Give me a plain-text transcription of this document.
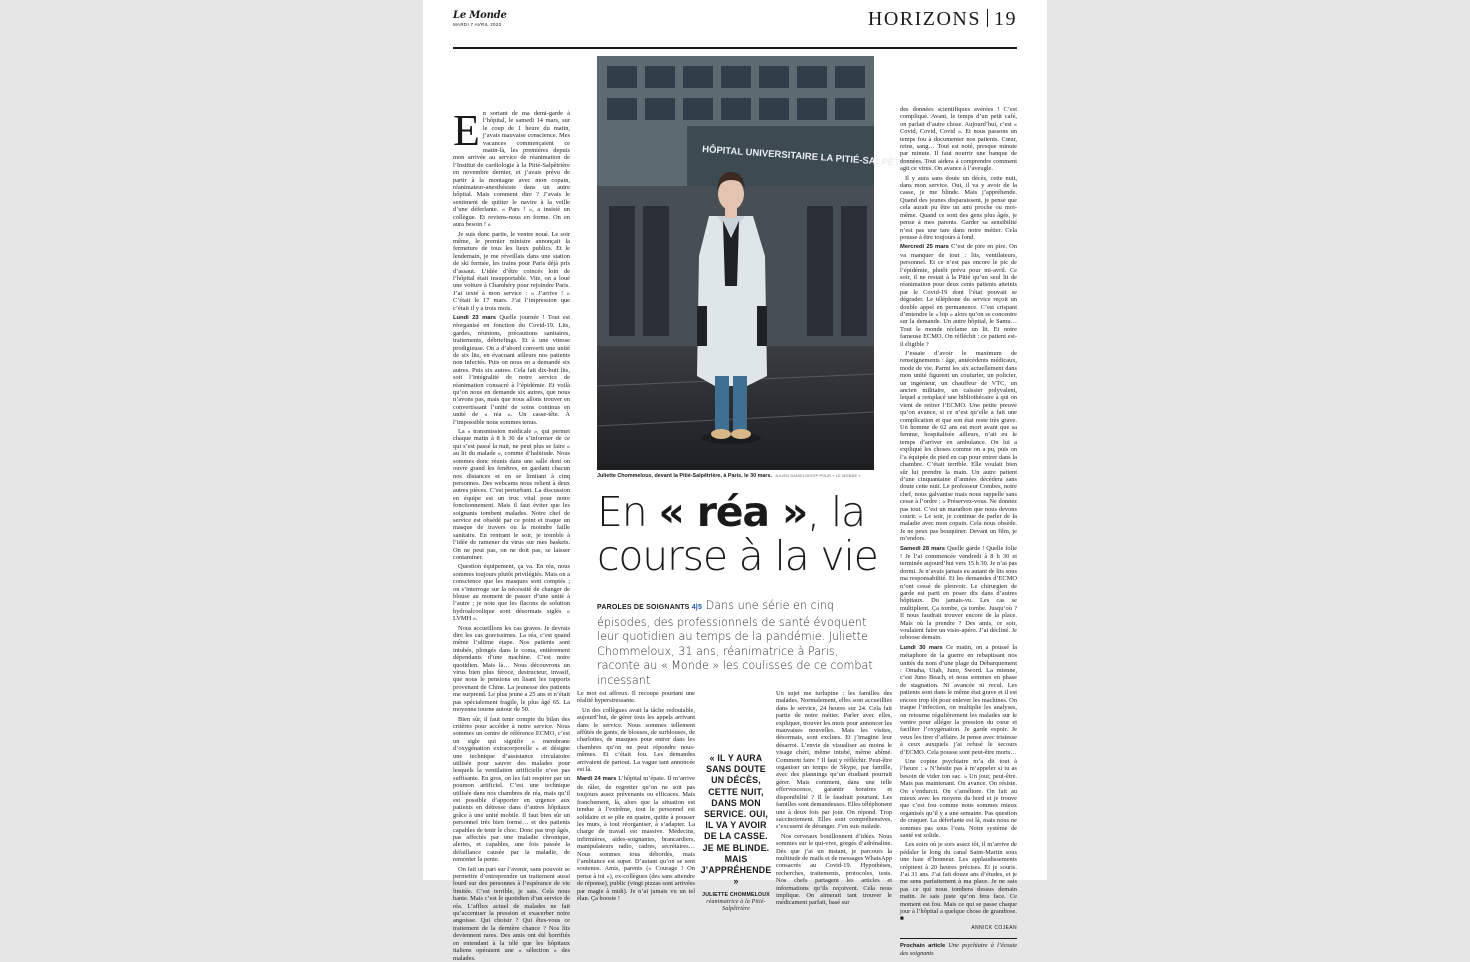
Le Monde
MARDI 7 AVRIL 2020	HORIZONS 19
E n sortant de ma demi-garde à l’hôpital, le samedi 14 mars, sur le coup de 1 heure du matin, j’avais mauvaise conscience. Mes vacances commençaient ce matin-là, les premières depuis mon arrivée au service de réanimation de l’Institut de cardiologie à la Pitié-Salpêtrière en novembre dernier, et j’avais prévu de partir à la montagne avec mon copain, réanimateur-anesthésiste dans un autre hôpital. Mais comment dire ? J’avais le sentiment de quitter le navire à la veille d’une déferlante. « Pars ! », a insisté un collègue. Et reviens-nous en forme. On en aura besoin ! »

Je suis donc partie, le ventre noué. Le soir même, le premier ministre annonçait la fermeture de tous les lieux publics. Et le lendemain, je me réveillais dans une station de ski fermée, les trains pour Paris déjà pris d’assaut. L’idée d’être coincés loin de l’hôpital était insupportable. Vite, on a loué une voiture à Chambéry pour rejoindre Paris. J’ai texté à mon service : « J’arrive ! » C’était le 17 mars. J’ai l’impression que c’était il y a trois mois.

Lundi 23 mars Quelle journée ! Tout est réorganisé en fonction du Covid-19. Lits, gardes, réunions, précautions sanitaires, traitements, débriefings. Et à une vitesse prodigieuse. On a d’abord converti une unité de six lits, en évacuant ailleurs nos patients non infectés. Puis on nous en a demandé six autres. Puis six autres. Cela fait dix-huit lits, soit l’intégralité de notre service de réanimation consacré à l’épidémie. Et voilà qu’on nous en demande six autres, que nous n’avons pas, mais que nous allons trouver en convertissant l’unité de soins continus en unité de « réa ». Un casse-tête. À l’impossible nous sommes tenus.

La « transmission médicale », qui permet chaque matin à 8 h 30 de s’informer de ce qui s’est passé la nuit, ne peut plus se faire « au lit du malade », comme d’habitude. Nous sommes donc réunis dans une salle dont on ouvre grand les fenêtres, en gardant chacun nos distances et en se limitant à cinq personnes. Des webcams nous relient à deux autres pièces. C’est perturbant. La discussion en équipe est un truc vital pour notre fonctionnement. Mais il faut éviter que les soignants tombent malades. Notre chef de service est obsédé par ce point et traque un masque de travers ou la moindre faille sanitaire. En rentrant le soir, je tremble à l’idée de ramener du virus sur mes baskets. On ne peut pas, on ne doit pas, se laisser contaminer.

Question équipement, ça va. En réa, nous sommes toujours plutôt privilégiés. Mais on a conscience que les masques sont comptés ; on s’interroge sur la nécessité de changer de blouse au moment de passer d’une unité à l’autre ; je note que les flacons de solution hydroalcoolique sont désormais siglés « LVMH ».

Nous accueillons les cas graves. Je devrais dire les cas gravissimes. La réa, c’est quand même l’ultime étape. Nos patients sont intubés, plongés dans le coma, entièrement dépendants d’une machine. C’est notre quotidien. Mais là… Nous découvrons un virus bien plus féroce, destructeur, invasif, que nous le pensions en lisant les rapports provenant de Chine. La jeunesse des patients me surprend. Le plus jeune a 25 ans et n’était pas spécialement fragile, le plus âgé 65. La moyenne tourne autour de 50.

Bien sûr, il faut tenir compte du bilan des critères pour accéder à notre service. Nous sommes un centre de référence ECMO, c’est un sigle qui signifie « membrane d’oxygénation extracorporelle » et désigne une technique d’assistance circulatoire utilisée pour sauver des malades pour lesquels la ventilation artificielle n’est pas suffisante. En gros, on les fait respirer par un poumon artificiel. C’est une technique utilisée dans nos chambres de réa, mais qu’il est possible d’apporter en urgence aux patients en détresse dans d’autres hôpitaux grâce à une unité mobile. Il faut bien sûr un personnel très bien formé… et des patients capables de tenir le choc. Donc pas trop âgés, pas affectés par une maladie chronique, alertes, et capables, une fois passée la défaillance causée par la maladie, de remonter la pente.

On fait un pari sur l’avenir, sans pouvoir se permettre d’entreprendre un traitement aussi lourd sur des personnes à l’espérance de vie limitée. C’est terrible, je sais. Cela nous hante. Mais c’est le quotidien d’un service de réa. L’afflux actuel de malades ne fait qu’accentuer la pression et exacerber notre angoisse. Qui choisir ? Qui êtes-vous ce traitement de la dernière chance ? Nos lits deviennent rares. Des amis ont été horrifiés en entendant à la télé que les hôpitaux italiens opéraient une « sélection » des malades.

HÔPITAL UNIVERSITAIRE LA PITIÉ-SALPÊTRIÈRE
Juliette Chommeloux, devant la Pitié-Salpêtrière, à Paris, le 30 mars. JULIEN DANIEL/MYOP POUR « LE MONDE »
En « réa », la course à la vie
PAROLES DE SOIGNANTS 4|5 Dans une série en cinq épisodes, des professionnels de santé évoquent leur quotidien au temps de la pandémie. Juliette Chommeloux, 31 ans, réanimatrice à Paris, raconte au « Monde » les coulisses de ce combat incessant

Le mot est affreux. Il recoupe pourtant une réalité hyperstressante.

Un des collègues avait la tâche redoutable, aujourd’hui, de gérer tous les appels arrivant dans le service. Nous sommes tellement affûtés de gants, de blouses, de surblouses, de charlottes, de masques pour entrer dans les chambres qu’on ne peut répondre nous-mêmes. Et c’était fou. Les demandes arrivaient de partout. La vague tant annoncée est là.

Mardi 24 mars L’hôpital m’épate. Il m’arrive de râler, de regretter qu’on ne soit pas toujours assez prévenants ou efficaces. Mais franchement, là, alors que la situation est tendue à l’extrême, tout le personnel est solidaire et se plie en quatre, quitte à pousser les murs, à tout réorganiser, à s’adapter. La charge de travail est massive. Médecins, infirmières, aides-soignantes, brancardiers, manipulateurs radio, cadres, secrétaires… Nous sommes tous débordés, mais l’ambiance est super. D’autant qu’on se sent soutenus. Amis, parents (« Courage ! On pense à toi »), ex-collègues (des sans attendre de réponse), public (vingt pizzas sont arrivées par magie à midi). Je n’ai jamais vu un tel élan. Ça booste !

« IL Y AURA SANS DOUTE UN DÉCÈS, CETTE NUIT, DANS MON SERVICE. OUI, IL VA Y AVOIR DE LA CASSE. JE ME BLINDE. MAIS J’APPRÉHENDE »
JULIETTE CHOMMELOUX
réanimatrice à la Pitié-Salpêtrière

Un sujet me turlupine : les familles des malades. Normalement, elles sont accueillies dans le service, 24 heures sur 24. Cela fait partie de notre métier. Parler avec elles, expliquer, trouver les mots pour annoncer les mauvaises nouvelles. Mais les visites, désormais, sont exclues. Et j’imagine leur désarroi. L’envie de visualiser au moins le visage chéri, même intubé, même abîmé. Comment faire ? Il faut y réfléchir. Peut-être organiser un temps de Skype, par famille, avec des plannings qu’un étudiant pourrait gérer. Mais comment, dans une telle effervescence, garantir horaires et disponibilité ? Il le faudrait pourtant. Les familles sont demandeuses. Elles téléphonent une à deux fois par jour. On répond. Trop succinctement. Elles sont compréhensives, s’excusent de déranger. J’en suis malade.

Nos cerveaux bouillonnent d’idées. Nous sommes sur le qui-vive, gorgés d’adrénaline. Dès que j’ai un instant, je parcours la multitude de mails et de messages WhatsApp consacrés au Covid-19. Hypothèses, recherches, traitements, protocoles, tests. Nos chefs partagent les articles et informations qu’ils reçoivent. Cela nous implique. On aimerait tant trouver le médicament parfait, basé sur

des données scientifiques avérées ! C’est compliqué. Avant, le temps d’un petit café, on parlait d’autre chose. Aujourd’hui, c’est « Covid, Covid, Covid ». Et nous passons un temps fou à documenter nos patients. Cœur, reins, sang… Tout est noté, presque minute par minute. Il faut nourrir une banque de données. Tout aidera à comprendre comment agit ce virus. On avance à l’aveugle.

Il y aura sans doute un décès, cette nuit, dans mon service. Oui, il va y avoir de la casse, je me blinde. Mais j’appréhende. Quand des jeunes disparaissent, je pense que cela aurait pu être un ami proche ou moi-même. Quand ce sont des gens plus âgés, je pense à mes parents. Garder sa sensibilité n’est pas une tare dans notre métier. Cela pousse à être toujours à fond.

Mercredi 25 mars C’est de pire en pire. On va manquer de tout : lits, ventilateurs, personnel. Et ce n’est pas encore le pic de l’épidémie, plutôt prévu pour mi-avril. Ce soir, il ne restait à la Pitié qu’un seul lit de réanimation pour deux cents patients atteints par le Covid-19 dont l’état pouvait se dégrader. Le téléphone du service reçoit un double appel en permanence. C’est crispant d’entendre le « bip » alors qu’on se concentre sur la demande. Un autre hôpital, le Samu… Tout le monde réclame un lit. Et notre fameuse ECMO. On réfléchit : ce patient est-il éligible ?

J’essaie d’avoir le maximum de renseignements : âge, antécédents médicaux, mode de vie. Parmi les six actuellement dans mon unité figurent un couturier, un policier, un ingénieur, un chauffeur de VTC, un ancien militaire, un caissier polyvalent, lequel a remplacé une bibliothécaire à qui on vient de retirer l’ECMO. Une petite preuve qu’on avance, si ce n’est qu’elle a fait une complication et que son état reste très grave. Un homme de 62 ans est mort avant que sa femme, hospitalisée ailleurs, n’ait eu le temps d’arriver en ambulance. On lui a expliqué les choses comme on a pu, puis on l’a équipée de pied en cap pour entrer dans la chambre. C’était terrible. Elle voulait bien sûr lui prendre la main. Un autre patient d’une cinquantaine d’années décédera sans doute cette nuit. Le professeur Combes, notre chef, nous galvanise mais nous rappelle sans cesse à l’ordre : « Préservez-vous. Ne donnez pas tout. C’est un marathon que nous devons courir. » Le soir, je continue de parler de la maladie avec mon copain. Cela nous obsède. Je ne peux pas bouquiner. Devant un film, je m’endors.

Samedi 28 mars Quelle garde ! Quelle folie ! Je l’ai commencée vendredi à 8 h 30 et terminée aujourd’hui vers 15 h 30. Je n’ai pas dormi. Je n’avais jamais eu autant de lits sous ma responsabilité. Et les demandes d’ECMO n’ont cessé de pleuvoir. Le chirurgien de garde est parti en poser dix dans d’autres hôpitaux. Du jamais-vu. Les cas se multiplient. Ça tombe, ça tombe. Jusqu’où ? Il nous faudrait trouver encore de la place. Mais où la prendre ? Des amis, ce soir, voulaient faire un visio-apéro. J’ai décliné. Je reboose demain.

Lundi 30 mars Ce matin, on a poussé la métaphore de la guerre en rebaptisant nos unités du nom d’une plage du Débarquement : Omaha, Utah, Juno, Sword. La mienne, c’est Juno Beach, et nous sommes en phase de stagnation. Ni avancée ni recul. Les patients sont dans le même état grave et il est encore trop tôt pour enlever les machines. On traque l’infection, on multiplie les analyses, on retourne régulièrement les malades sur le ventre pour alléger la pression du cœur et faciliter l’oxygénation. Je garde espoir. Je veux les tirer d’affaire. Je pense avec tristesse à ceux auxquels j’ai refusé le secours d’ECMO. Cela pousse sont peut-être morts…

Une copine psychiatre m’a dit tout à l’heure : « N’hésite pas à m’appeler si tu as besoin de vider ton sac. » Un jour, peut-être. Mais pas maintenant. On avance. On résiste. On s’endurcit. On s’améliore. On fait au mieux avec les moyens du bord et je trouve que c’est fou comme nous sommes mieux organisés qu’il y a une semaine. Pas question de craquer. La déferlante est là, mais nous ne sommes pas sous l’eau. Notre système de santé est solide.

Les soirs où je sors assez tôt, il m’arrive de pédaler le long du canal Saint-Martin sous une haie d’honneur. Les applaudissements crépitent à 20 heures précises. Et je souris. J’ai 31 ans. J’ai fait douze ans d’études, et je me sens parfaitement à ma place. Je ne sais pas ce qui nous tombera dessus demain matin. Je sais juste qu’on fera face. Ce moment est fou. Mais ce qui se passe chaque jour à l’hôpital a quelque chose de grandiose. ■

ANNICK COJEAN
Prochain article Une psychiatre à l’écoute des soignants
